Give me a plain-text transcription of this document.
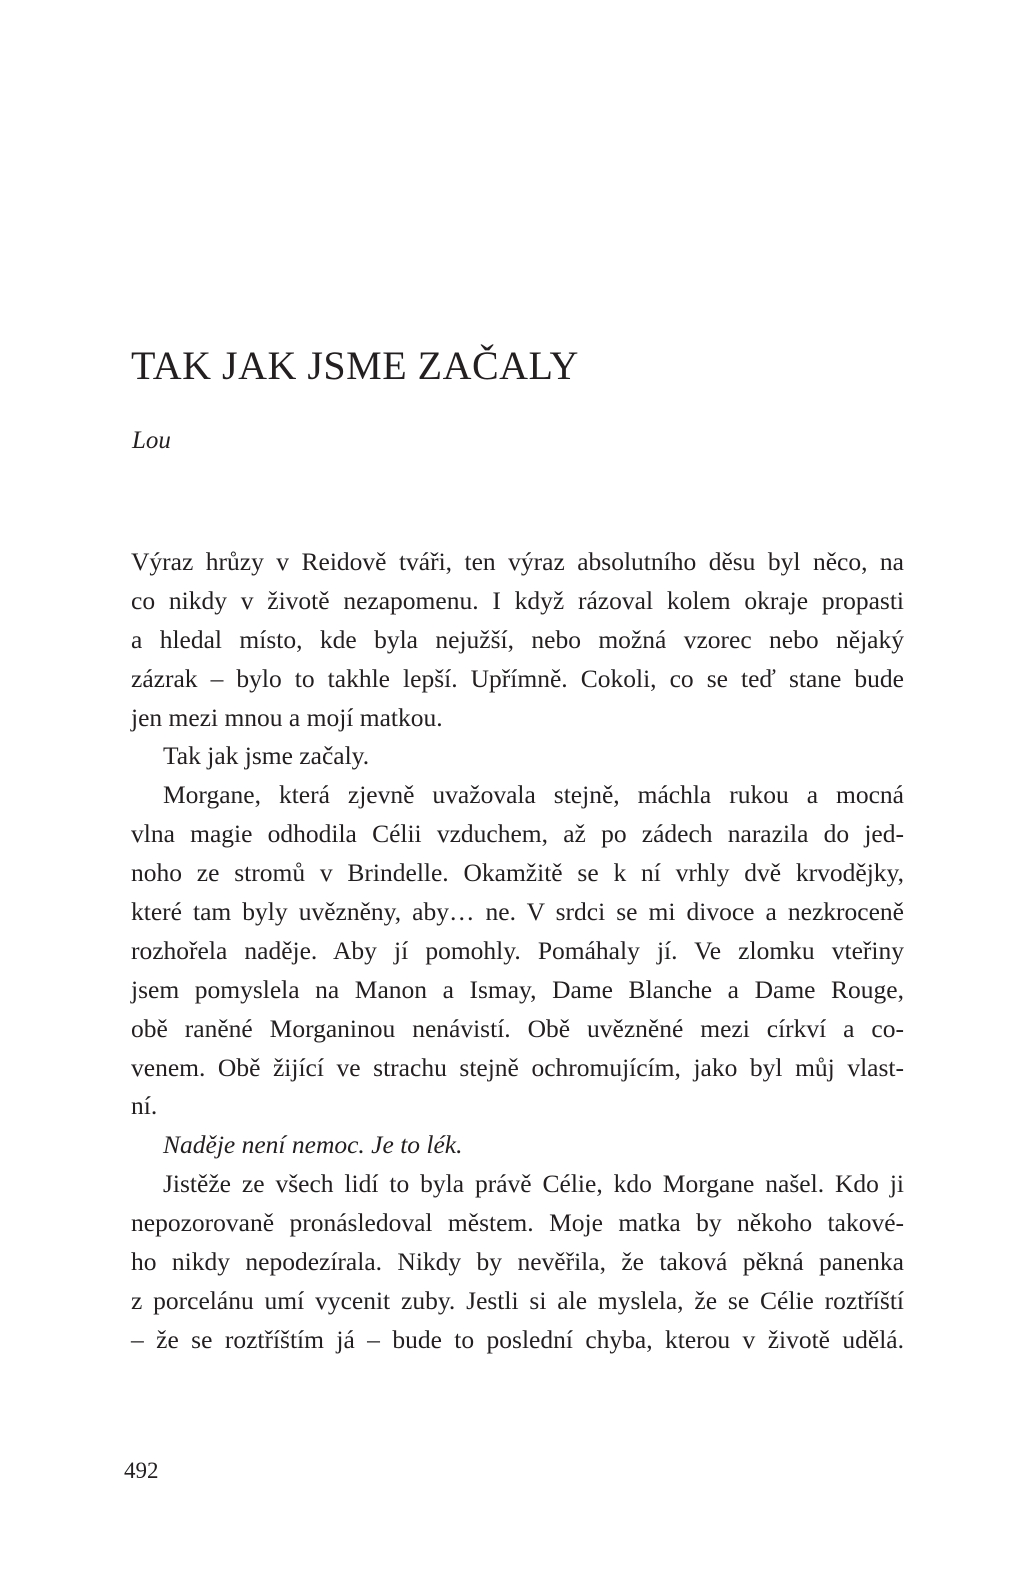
TAK JAK JSME ZAČALY

Lou

Výraz hrůzy v Reidově tváři, ten výraz absolutního děsu byl něco, na
co nikdy v životě nezapomenu. I když rázoval kolem okraje propasti
a hledal místo, kde byla nejužší, nebo možná vzorec nebo nějaký
zázrak – bylo to takhle lepší. Upřímně. Cokoli, co se teď stane bude
jen mezi mnou a mojí matkou.
Tak jak jsme začaly.
Morgane, která zjevně uvažovala stejně, máchla rukou a mocná
vlna magie odhodila Célii vzduchem, až po zádech narazila do jed-
noho ze stromů v Brindelle. Okamžitě se k ní vrhly dvě krvodějky,
které tam byly uvězněny, aby… ne. V srdci se mi divoce a nezkroceně
rozhořela naděje. Aby jí pomohly. Pomáhaly jí. Ve zlomku vteřiny
jsem pomyslela na Manon a Ismay, Dame Blanche a Dame Rouge,
obě raněné Morganinou nenávistí. Obě uvězněné mezi církví a co-
venem. Obě žijící ve strachu stejně ochromujícím, jako byl můj vlast-
ní.
Naděje není nemoc. Je to lék.
Jistěže ze všech lidí to byla právě Célie, kdo Morgane našel. Kdo ji
nepozorovaně pronásledoval městem. Moje matka by někoho takové-
ho nikdy nepodezírala. Nikdy by nevěřila, že taková pěkná panenka
z porcelánu umí vycenit zuby. Jestli si ale myslela, že se Célie roztříští
– že se roztříštím já – bude to poslední chyba, kterou v životě udělá.

492
